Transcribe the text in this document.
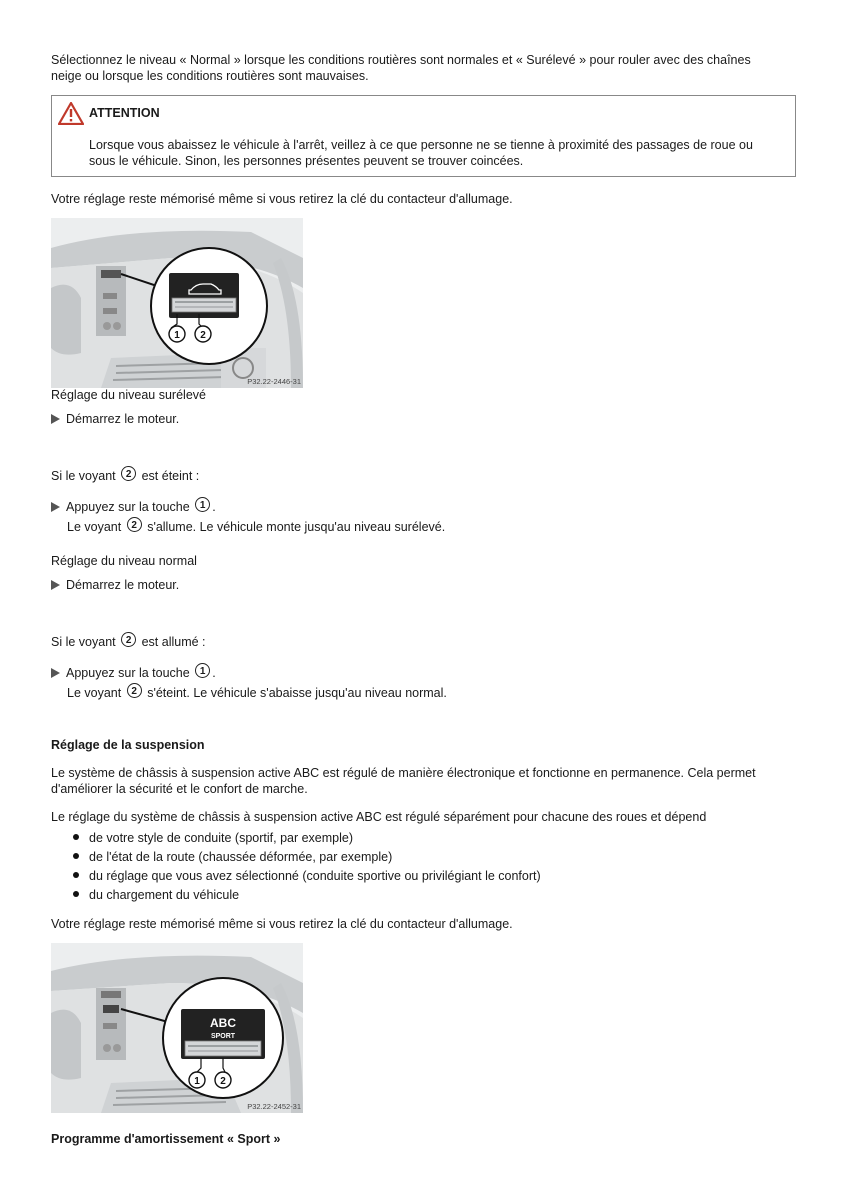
Sélectionnez le niveau « Normal » lorsque les conditions routières sont normales et « Surélevé » pour rouler avec des chaînes
neige ou lorsque les conditions routières sont mauvaises.
ATTENTION
Lorsque vous abaissez le véhicule à l'arrêt, veillez à ce que personne ne se tienne à proximité des passages de roue ou
sous le véhicule. Sinon, les personnes présentes peuvent se trouver coincées.
Votre réglage reste mémorisé même si vous retirez la clé du contacteur d'allumage.
1 2
P32.22-2446-31
Réglage du niveau surélevé
Démarrez le moteur.
Si le voyant 2 est éteint :
Appuyez sur la touche 1 .
Le voyant 2 s'allume. Le véhicule monte jusqu'au niveau surélevé.
Réglage du niveau normal
Démarrez le moteur.
Si le voyant 2 est allumé :
Appuyez sur la touche 1 .
Le voyant 2 s'éteint. Le véhicule s'abaisse jusqu'au niveau normal.
Réglage de la suspension
Le système de châssis à suspension active ABC est régulé de manière électronique et fonctionne en permanence. Cela permet
d'améliorer la sécurité et le confort de marche.
Le réglage du système de châssis à suspension active ABC est régulé séparément pour chacune des roues et dépend
de votre style de conduite (sportif, par exemple)
de l'état de la route (chaussée déformée, par exemple)
du réglage que vous avez sélectionné (conduite sportive ou privilégiant le confort)
du chargement du véhicule
Votre réglage reste mémorisé même si vous retirez la clé du contacteur d'allumage.
ABC
SPORT
1 2
P32.22-2452-31
Programme d'amortissement « Sport »
